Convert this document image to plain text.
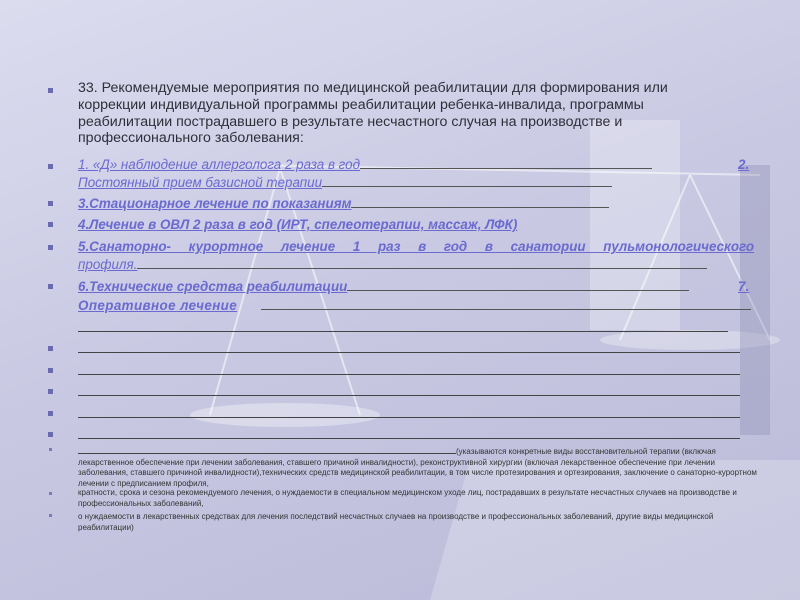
33. Рекомендуемые мероприятия по медицинской реабилитации для формирования или коррекции индивидуальной программы реабилитации ребенка-инвалида, программы реабилитации пострадавшего в результате несчастного случая на производстве и профессионального заболевания:
1. «Д» наблюдение аллерголога 2 раза в год	2.
Постоянный прием базисной терапии
3.Стационарное лечение по показаниям
4.Лечение в ОВЛ 2 раза в год (ИРТ, спелеотерапии, массаж, ЛФК)
5.Санаторно- курортное лечение 1 раз в год в санатории пульмонологического
профиля.
6.Технические средства реабилитации	7.
Оперативное лечение
(указываются конкретные виды восстановительной терапии (включая лекарственное обеспечение при лечении заболевания, ставшего причиной инвалидности), реконструктивной хирургии (включая лекарственное обеспечение при лечении заболевания, ставшего причиной инвалидности),технических средств медицинской реабилитации, в том числе протезирования и ортезирования, заключение о санаторно-курортном лечении с предписанием профиля,
кратности, срока и сезона рекомендуемого лечения, о нуждаемости в специальном медицинском уходе лиц, пострадавших в результате несчастных случаев на производстве и профессиональных заболеваний,
о нуждаемости в лекарственных средствах для лечения последствий несчастных случаев на производстве и профессиональных заболеваний, другие виды медицинской реабилитации)
